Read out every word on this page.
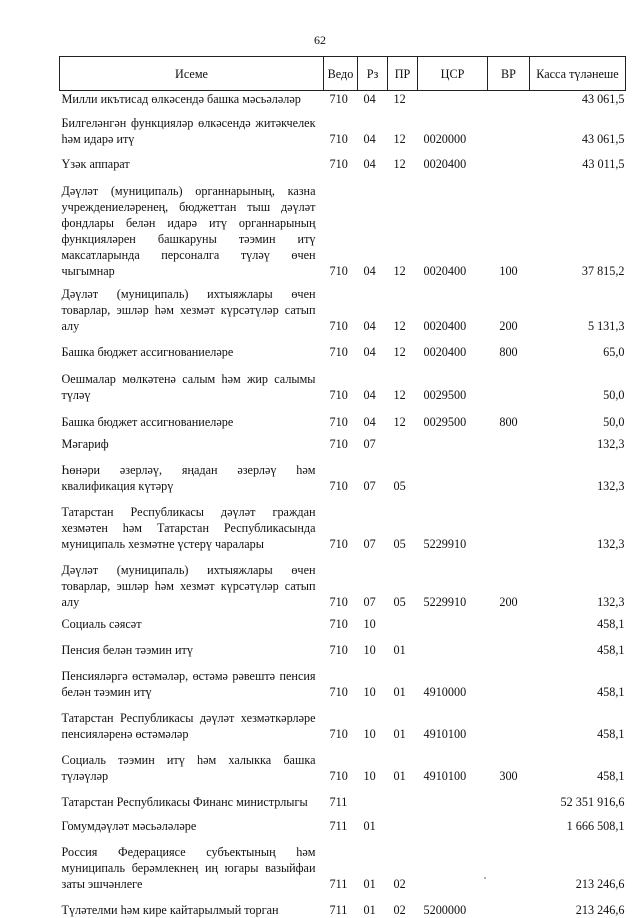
62
Исеме	Ведо	Рз	ПР	ЦСР	ВР	Касса түләнеше
Милли икътисад өлкәсендә башка мәсьәләләр	710	04	12			43 061,5
Билгеләнгән функцияләр өлкәсендә житәкчелек һәм идарә итү	710	04	12	0020000		43 061,5
Үзәк аппарат	710	04	12	0020400		43 011,5
Дәүләт (муниципаль) органнарының, казна учреждениеләренең, бюджеттан тыш дәүләт фондлары белән идарә итү органнарының функцияләрен башкаруны тәэмин итү максатларында персоналга түләү өчен чыгымнар	710	04	12	0020400	100	37 815,2
Дәүләт (муниципаль) ихтыяжлары өчен товарлар, эшләр һәм хезмәт күрсәтүләр сатып алу	710	04	12	0020400	200	5 131,3
Башка бюджет ассигнованиеләре	710	04	12	0020400	800	65,0
Оешмалар мөлкәтенә салым һәм жир салымы түләү	710	04	12	0029500		50,0
Башка бюджет ассигнованиеләре	710	04	12	0029500	800	50,0
Мәгариф	710	07				132,3
Һөнәри әзерләү, яңадан әзерләү һәм квалификация күтәрү	710	07	05			132,3
Татарстан Республикасы дәүләт граждан хезмәтен һәм Татарстан Республикасында муниципаль хезмәтне үстерү чаралары	710	07	05	5229910		132,3
Дәүләт (муниципаль) ихтыяжлары өчен товарлар, эшләр һәм хезмәт күрсәтүләр сатып алу	710	07	05	5229910	200	132,3
Социаль сәясәт	710	10				458,1
Пенсия белән тәэмин итү	710	10	01			458,1
Пенсияләргә өстәмәләр, өстәмә рәвештә пенсия белән тәэмин итү	710	10	01	4910000		458,1
Татарстан Республикасы дәүләт хезмәткәрләре пенсияләренә өстәмәләр	710	10	01	4910100		458,1
Социаль тәэмин итү һәм халыкка башка түләүләр	710	10	01	4910100	300	458,1
Татарстан Республикасы Финанс министрлыгы	711					52 351 916,6
Гомумдәүләт мәсьәләләре	711	01				1 666 508,1
Россия Федерациясе субъектының һәм муниципаль берәмлекнең иң югары вазыйфаи заты эшчәнлеге	711	01	02			213 246,6
Түләтелми һәм кире кайтарылмый торган	711	01	02	5200000		213 246,6
